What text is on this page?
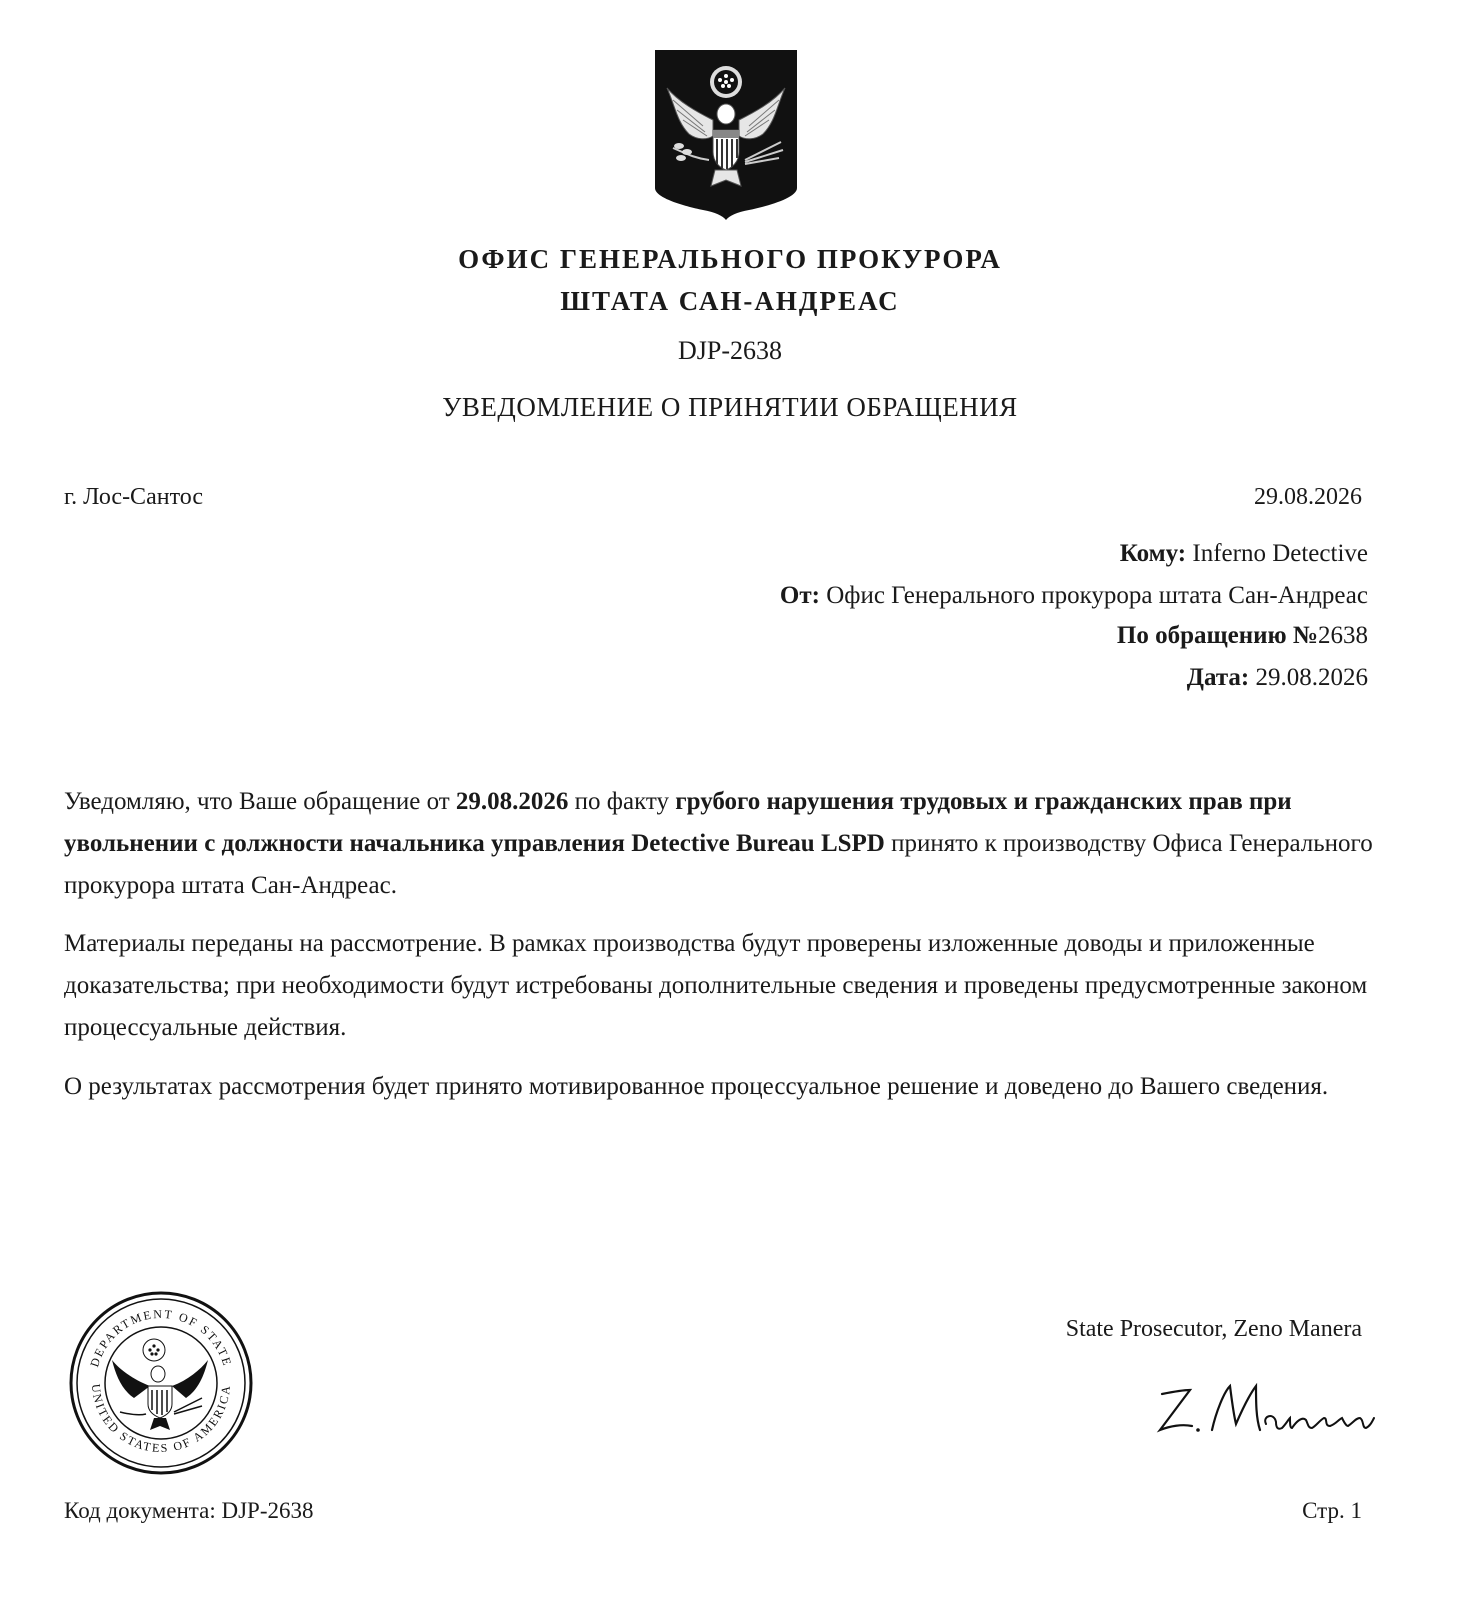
ОФИС ГЕНЕРАЛЬНОГО ПРОКУРОРА
ШТАТА САН-АНДРЕАС
DJP-2638
УВЕДОМЛЕНИЕ О ПРИНЯТИИ ОБРАЩЕНИЯ
г. Лос-Сантос	29.08.2026
Кому: Inferno Detective
От: Офис Генерального прокурора штата Сан-Андреас
По обращению №2638
Дата: 29.08.2026

Уведомляю, что Ваше обращение от 29.08.2026 по факту грубого нарушения трудовых и гражданских прав при увольнении с должности начальника управления Detective Bureau LSPD принято к производству Офиса Генерального прокурора штата Сан-Андреас.

Материалы переданы на рассмотрение. В рамках производства будут проверены изложенные доводы и приложенные доказательства; при необходимости будут истребованы дополнительные сведения и проведены предусмотренные законом процессуальные действия.

О результатах рассмотрения будет принято мотивированное процессуальное решение и доведено до Вашего сведения.

DEPARTMENT OF STATE
UNITED STATES OF AMERICA
State Prosecutor, Zeno Manera
Код документа: DJP-2638	Стр. 1
